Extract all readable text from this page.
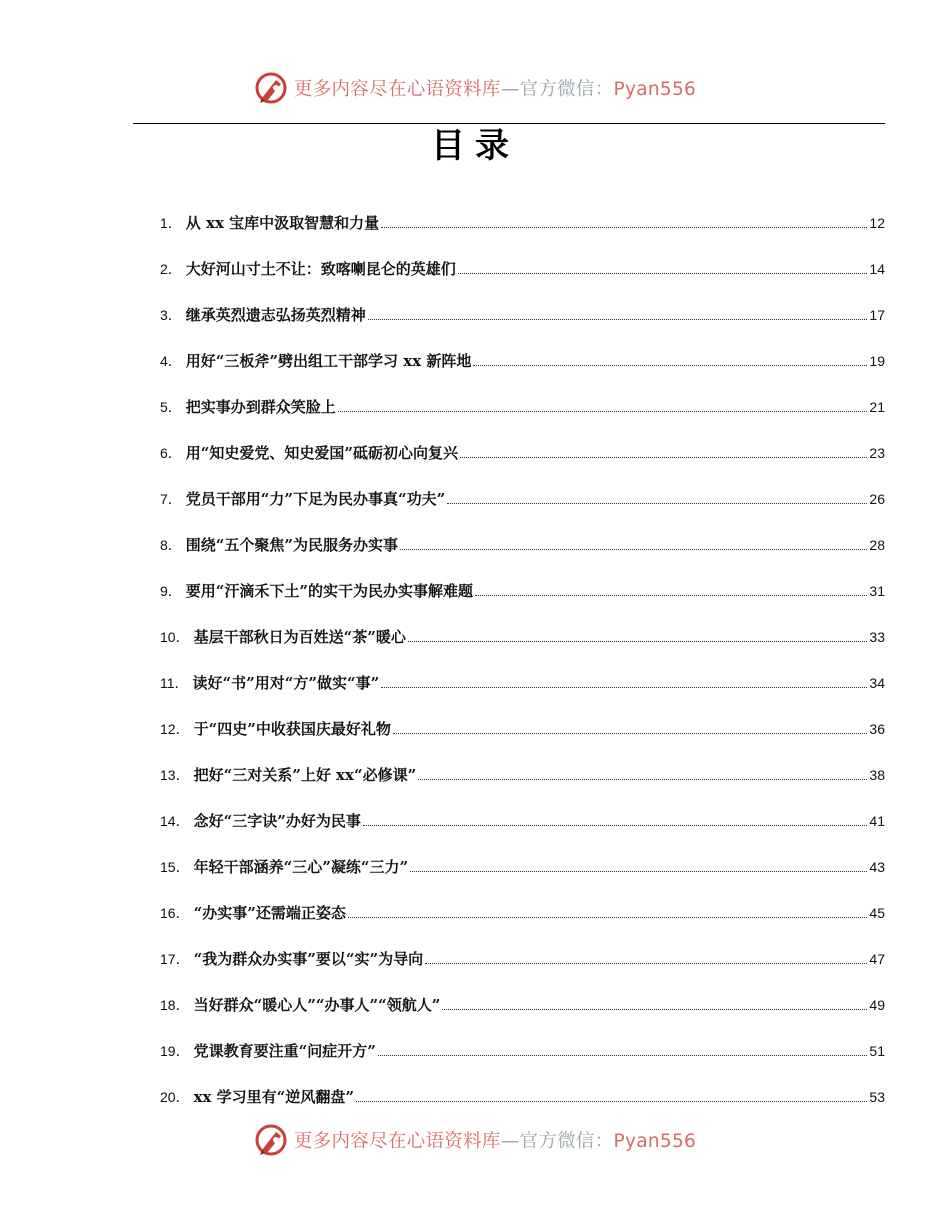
更多内容尽在心语资料库—官方微信：Pyan556
目录
1． 从 xx 宝库中汲取智慧和力量	12
2． 大好河山寸土不让：致喀喇昆仑的英雄们	14
3． 继承英烈遗志弘扬英烈精神	17
4． 用好“三板斧”劈出组工干部学习 xx 新阵地	19
5． 把实事办到群众笑脸上	21
6． 用“知史爱党、知史爱国”砥砺初心向复兴	23
7． 党员干部用“力”下足为民办事真“功夫”	26
8． 围绕“五个聚焦”为民服务办实事	28
9． 要用“汗滴禾下土”的实干为民办实事解难题	31
10． 基层干部秋日为百姓送“茶”暖心	33
11． 读好“书”用对“方”做实“事”	34
12． 于“四史”中收获国庆最好礼物	36
13． 把好“三对关系”上好 xx“必修课”	38
14． 念好“三字诀”办好为民事	41
15． 年轻干部涵养“三心”凝练“三力”	43
16． “办实事”还需端正姿态	45
17． “我为群众办实事”要以“实”为导向	47
18． 当好群众“暖心人”“办事人”“领航人”	49
19． 党课教育要注重“问症开方”	51
20． xx 学习里有“逆风翻盘”	53
更多内容尽在心语资料库—官方微信：Pyan556
